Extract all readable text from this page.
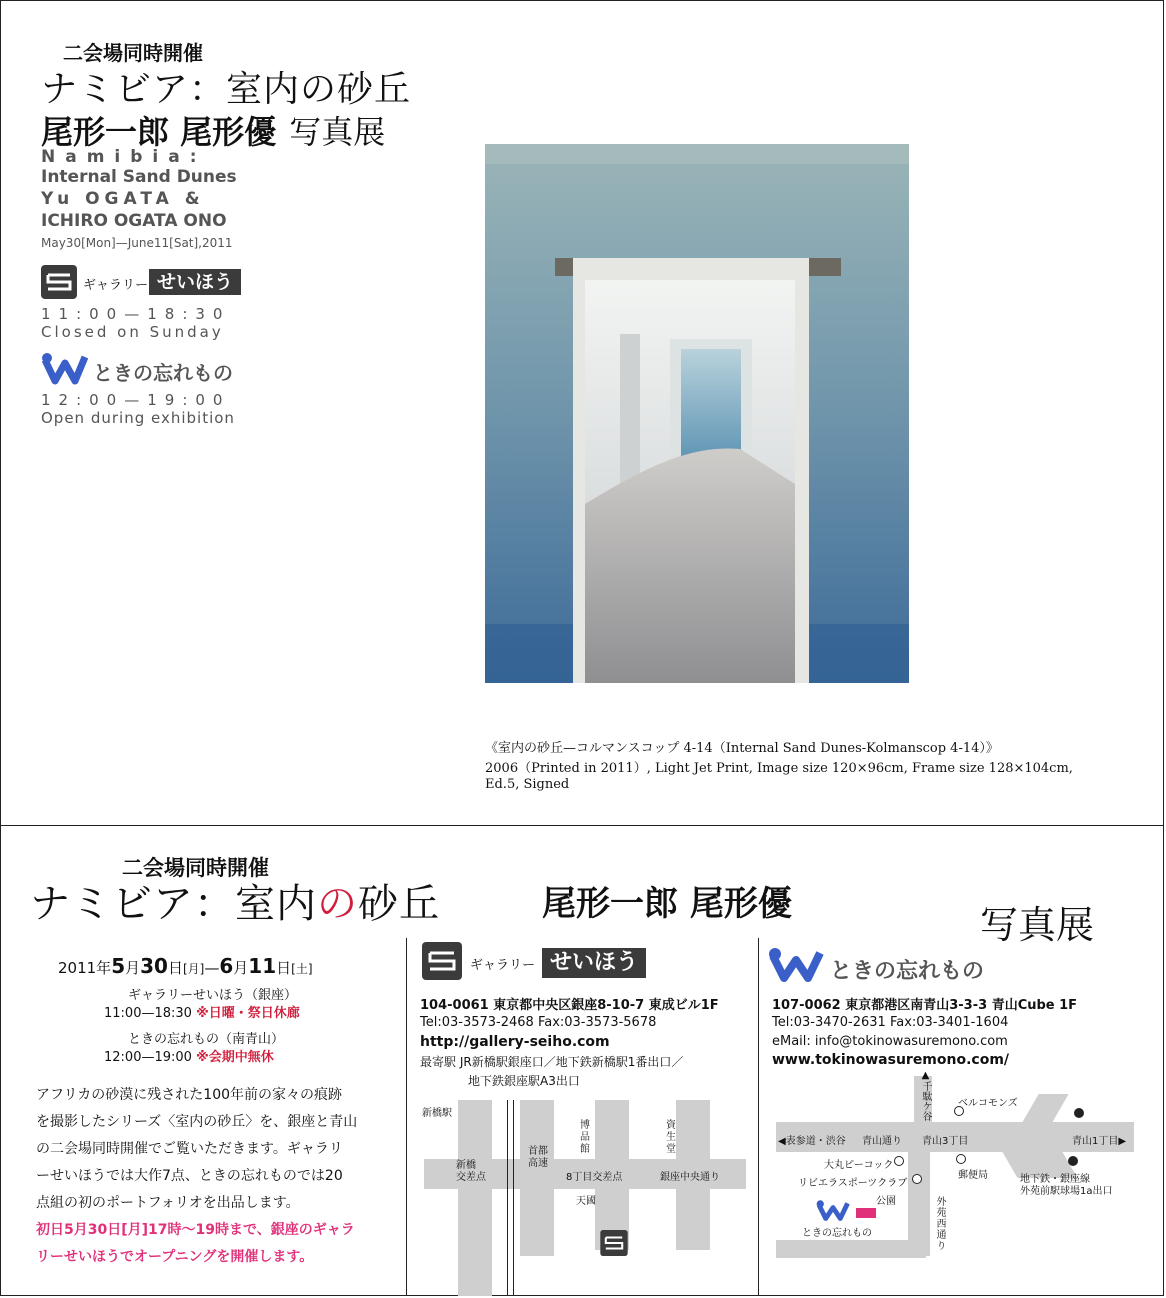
二会場同時開催
ナミビア：室内の砂丘
尾形一郎 尾形優 写真展
Namibia:
Internal Sand Dunes
Yu OGATA &
ICHIRO OGATA ONO
May30[Mon]—June11[Sat],2011
ギャラリー せいほう
11:00—18:30
Closed on Sunday
ときの忘れもの
12:00—19:00
Open during exhibition
《室内の砂丘—コルマンスコップ 4-14（Internal Sand Dunes-Kolmanscop 4-14）》
2006（Printed in 2011）, Light Jet Print, Image size 120×96cm, Frame size 128×104cm,
Ed.5, Signed
二会場同時開催
ナミビア：室内の砂丘	尾形一郎 尾形優	写真展
2011年5月30日[月]—6月11日[土]
ギャラリーせいほう（銀座）
11:00—18:30 ※日曜・祭日休廊
ときの忘れもの（南青山）
12:00—19:00 ※会期中無休
アフリカの砂漠に残された100年前の家々の痕跡
を撮影したシリーズ〈室内の砂丘〉を、銀座と青山
の二会場同時開催でご覧いただきます。ギャラリ
ーせいほうでは大作7点、ときの忘れものでは20
点組の初のポートフォリオを出品します。
初日5月30日[月]17時～19時まで、銀座のギャラ
リーせいほうでオープニングを開催します。
ギャラリー せいほう
104-0061 東京都中央区銀座8-10-7 東成ビル1F
Tel:03-3573-2468 Fax:03-3573-5678
http://gallery-seiho.com
最寄駅 JR新橋駅銀座口／地下鉄新橋駅1番出口／
地下鉄銀座駅A3出口
新橋駅
新橋
交差点
首都
高速
博
品
館
資
生
堂
8丁目交差点	銀座中央通り
天國
ときの忘れもの
107-0062 東京都港区南青山3-3-3 青山Cube 1F
Tel:03-3470-2631 Fax:03-3401-1604
eMail: info@tokinowasuremono.com
www.tokinowasuremono.com/
▲千駄ケ谷	ベルコモンズ
◀表参道・渋谷 青山通り 青山3丁目	青山1丁目▶
大丸ピーコック
郵便局	地下鉄・銀座線
外苑前駅球場1a出口
リビエラスポーツクラブ
公園	外苑西通り
ときの忘れもの
